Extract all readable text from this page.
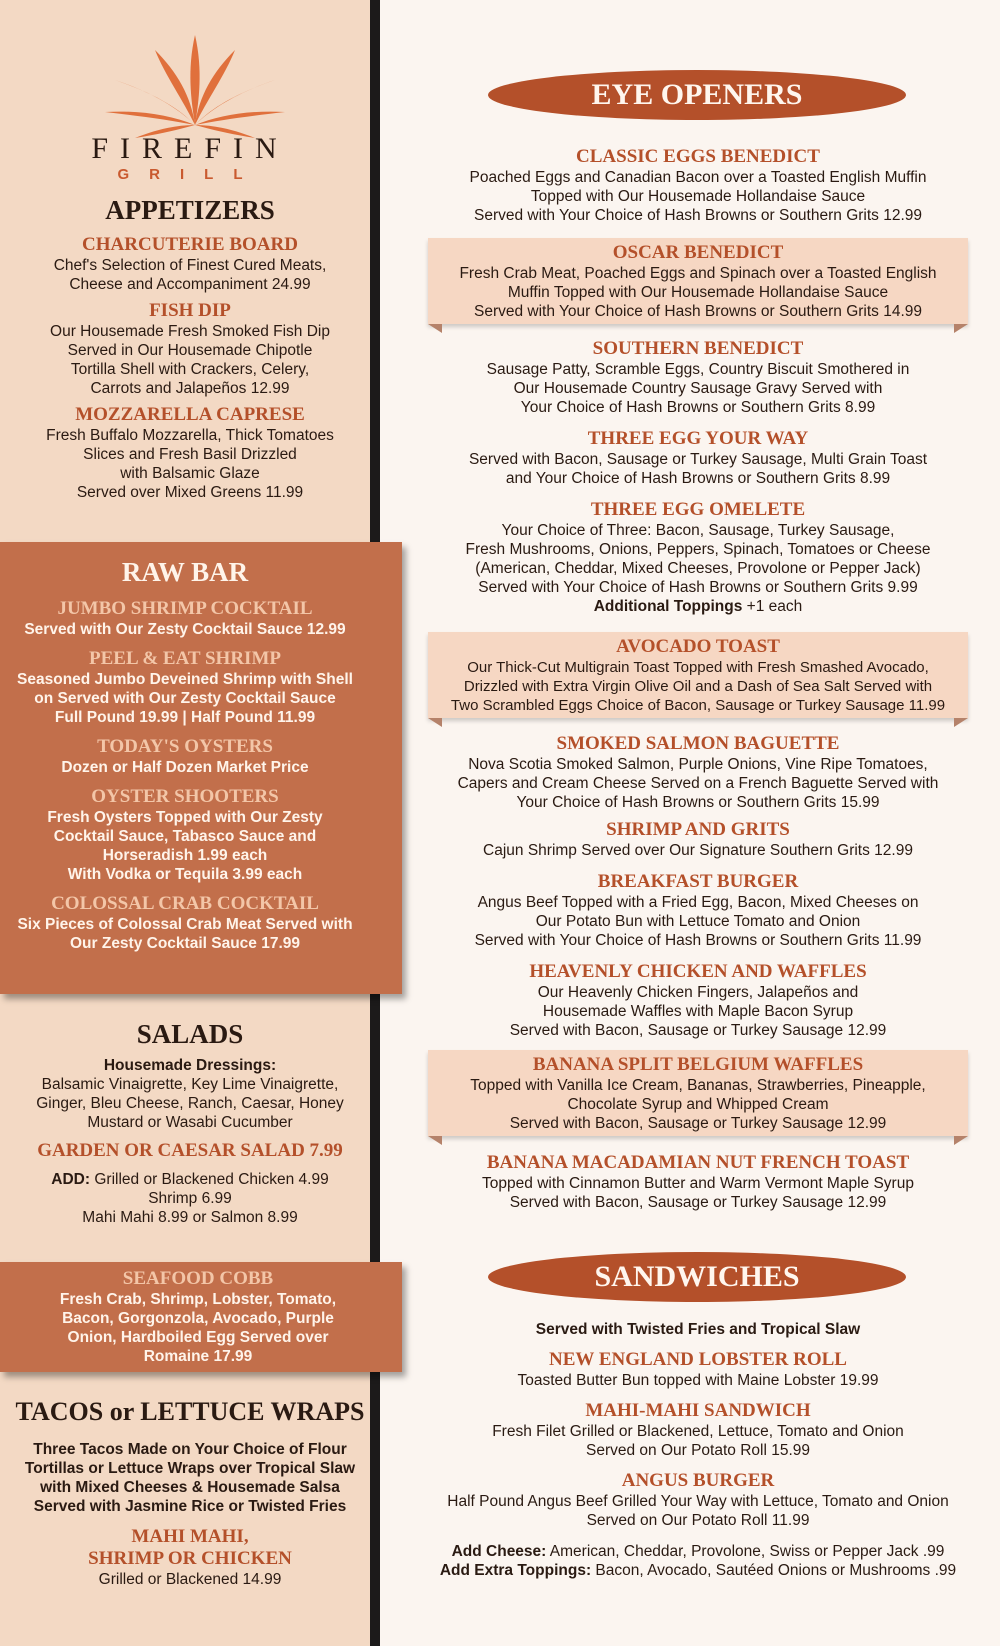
FIREFIN
GRILL
APPETIZERS
CHARCUTERIE BOARD
Chef's Selection of Finest Cured Meats,
Cheese and Accompaniment 24.99
FISH DIP
Our Housemade Fresh Smoked Fish Dip
Served in Our Housemade Chipotle
Tortilla Shell with Crackers, Celery,
Carrots and Jalapeños 12.99
MOZZARELLA CAPRESE
Fresh Buffalo Mozzarella, Thick Tomatoes
Slices and Fresh Basil Drizzled
with Balsamic Glaze
Served over Mixed Greens 11.99
RAW BAR
JUMBO SHRIMP COCKTAIL
Served with Our Zesty Cocktail Sauce 12.99
PEEL & EAT SHRIMP
Seasoned Jumbo Deveined Shrimp with Shell
on Served with Our Zesty Cocktail Sauce
Full Pound 19.99 | Half Pound 11.99
TODAY'S OYSTERS
Dozen or Half Dozen Market Price
OYSTER SHOOTERS
Fresh Oysters Topped with Our Zesty
Cocktail Sauce, Tabasco Sauce and
Horseradish 1.99 each
With Vodka or Tequila 3.99 each
COLOSSAL CRAB COCKTAIL
Six Pieces of Colossal Crab Meat Served with
Our Zesty Cocktail Sauce 17.99
SALADS
Housemade Dressings:
Balsamic Vinaigrette, Key Lime Vinaigrette,
Ginger, Bleu Cheese, Ranch, Caesar, Honey
Mustard or Wasabi Cucumber
GARDEN OR CAESAR SALAD 7.99
ADD: Grilled or Blackened Chicken 4.99
Shrimp 6.99
Mahi Mahi 8.99 or Salmon 8.99
SEAFOOD COBB
Fresh Crab, Shrimp, Lobster, Tomato,
Bacon, Gorgonzola, Avocado, Purple
Onion, Hardboiled Egg Served over
Romaine 17.99
TACOS or LETTUCE WRAPS
Three Tacos Made on Your Choice of Flour
Tortillas or Lettuce Wraps over Tropical Slaw
with Mixed Cheeses & Housemade Salsa
Served with Jasmine Rice or Twisted Fries
MAHI MAHI,
SHRIMP OR CHICKEN
Grilled or Blackened 14.99
EYE OPENERS
CLASSIC EGGS BENEDICT
Poached Eggs and Canadian Bacon over a Toasted English Muffin
Topped with Our Housemade Hollandaise Sauce
Served with Your Choice of Hash Browns or Southern Grits 12.99
OSCAR BENEDICT
Fresh Crab Meat, Poached Eggs and Spinach over a Toasted English
Muffin Topped with Our Housemade Hollandaise Sauce
Served with Your Choice of Hash Browns or Southern Grits 14.99
SOUTHERN BENEDICT
Sausage Patty, Scramble Eggs, Country Biscuit Smothered in
Our Housemade Country Sausage Gravy Served with
Your Choice of Hash Browns or Southern Grits 8.99
THREE EGG YOUR WAY
Served with Bacon, Sausage or Turkey Sausage, Multi Grain Toast
and Your Choice of Hash Browns or Southern Grits 8.99
THREE EGG OMELETE
Your Choice of Three: Bacon, Sausage, Turkey Sausage,
Fresh Mushrooms, Onions, Peppers, Spinach, Tomatoes or Cheese
(American, Cheddar, Mixed Cheeses, Provolone or Pepper Jack)
Served with Your Choice of Hash Browns or Southern Grits 9.99
Additional Toppings +1 each
AVOCADO TOAST
Our Thick-Cut Multigrain Toast Topped with Fresh Smashed Avocado,
Drizzled with Extra Virgin Olive Oil and a Dash of Sea Salt Served with
Two Scrambled Eggs Choice of Bacon, Sausage or Turkey Sausage 11.99
SMOKED SALMON BAGUETTE
Nova Scotia Smoked Salmon, Purple Onions, Vine Ripe Tomatoes,
Capers and Cream Cheese Served on a French Baguette Served with
Your Choice of Hash Browns or Southern Grits 15.99
SHRIMP AND GRITS
Cajun Shrimp Served over Our Signature Southern Grits 12.99
BREAKFAST BURGER
Angus Beef Topped with a Fried Egg, Bacon, Mixed Cheeses on
Our Potato Bun with Lettuce Tomato and Onion
Served with Your Choice of Hash Browns or Southern Grits 11.99
HEAVENLY CHICKEN AND WAFFLES
Our Heavenly Chicken Fingers, Jalapeños and
Housemade Waffles with Maple Bacon Syrup
Served with Bacon, Sausage or Turkey Sausage 12.99
BANANA SPLIT BELGIUM WAFFLES
Topped with Vanilla Ice Cream, Bananas, Strawberries, Pineapple,
Chocolate Syrup and Whipped Cream
Served with Bacon, Sausage or Turkey Sausage 12.99
BANANA MACADAMIAN NUT FRENCH TOAST
Topped with Cinnamon Butter and Warm Vermont Maple Syrup
Served with Bacon, Sausage or Turkey Sausage 12.99
SANDWICHES
Served with Twisted Fries and Tropical Slaw
NEW ENGLAND LOBSTER ROLL
Toasted Butter Bun topped with Maine Lobster 19.99
MAHI-MAHI SANDWICH
Fresh Filet Grilled or Blackened, Lettuce, Tomato and Onion
Served on Our Potato Roll 15.99
ANGUS BURGER
Half Pound Angus Beef Grilled Your Way with Lettuce, Tomato and Onion
Served on Our Potato Roll 11.99
Add Cheese: American, Cheddar, Provolone, Swiss or Pepper Jack .99
Add Extra Toppings: Bacon, Avocado, Sautéed Onions or Mushrooms .99
